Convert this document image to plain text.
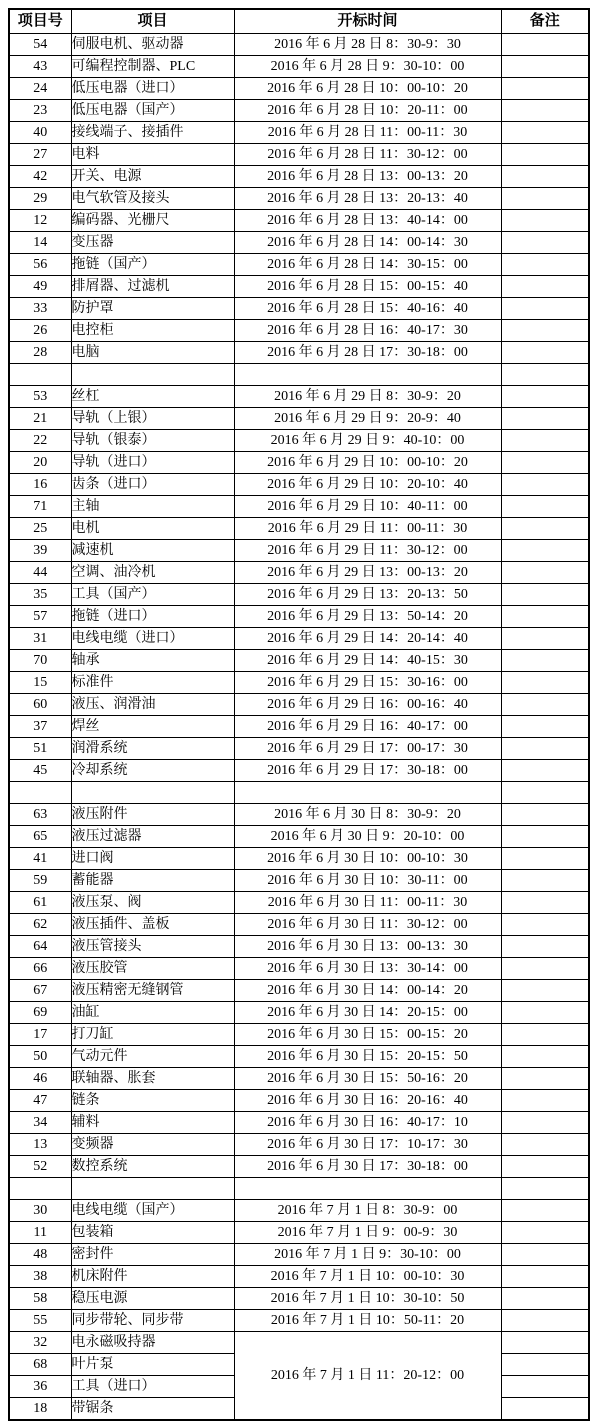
项目号	项目	开标时间	备注
54	伺服电机、驱动器	2016 年 6 月 28 日 8：30-9：30	
43	可编程控制器、PLC	2016 年 6 月 28 日 9：30-10：00	
24	低压电器（进口）	2016 年 6 月 28 日 10：00-10：20	
23	低压电器（国产）	2016 年 6 月 28 日 10：20-11：00	
40	接线端子、接插件	2016 年 6 月 28 日 11：00-11：30	
27	电料	2016 年 6 月 28 日 11：30-12：00	
42	开关、电源	2016 年 6 月 28 日 13：00-13：20	
29	电气软管及接头	2016 年 6 月 28 日 13：20-13：40	
12	编码器、光栅尺	2016 年 6 月 28 日 13：40-14：00	
14	变压器	2016 年 6 月 28 日 14：00-14：30	
56	拖链（国产）	2016 年 6 月 28 日 14：30-15：00	
49	排屑器、过滤机	2016 年 6 月 28 日 15：00-15：40	
33	防护罩	2016 年 6 月 28 日 15：40-16：40	
26	电控柜	2016 年 6 月 28 日 16：40-17：30	
28	电脑	2016 年 6 月 28 日 17：30-18：00	

53	丝杠	2016 年 6 月 29 日 8：30-9：20	
21	导轨（上银）	2016 年 6 月 29 日 9：20-9：40	
22	导轨（银泰）	2016 年 6 月 29 日 9：40-10：00	
20	导轨（进口）	2016 年 6 月 29 日 10：00-10：20	
16	齿条（进口）	2016 年 6 月 29 日 10：20-10：40	
71	主轴	2016 年 6 月 29 日 10：40-11：00	
25	电机	2016 年 6 月 29 日 11：00-11：30	
39	减速机	2016 年 6 月 29 日 11：30-12：00	
44	空调、油冷机	2016 年 6 月 29 日 13：00-13：20	
35	工具（国产）	2016 年 6 月 29 日 13：20-13：50	
57	拖链（进口）	2016 年 6 月 29 日 13：50-14：20	
31	电线电缆（进口）	2016 年 6 月 29 日 14：20-14：40	
70	轴承	2016 年 6 月 29 日 14：40-15：30	
15	标准件	2016 年 6 月 29 日 15：30-16：00	
60	液压、润滑油	2016 年 6 月 29 日 16：00-16：40	
37	焊丝	2016 年 6 月 29 日 16：40-17：00	
51	润滑系统	2016 年 6 月 29 日 17：00-17：30	
45	冷却系统	2016 年 6 月 29 日 17：30-18：00	

63	液压附件	2016 年 6 月 30 日 8：30-9：20	
65	液压过滤器	2016 年 6 月 30 日 9：20-10：00	
41	进口阀	2016 年 6 月 30 日 10：00-10：30	
59	蓄能器	2016 年 6 月 30 日 10：30-11：00	
61	液压泵、阀	2016 年 6 月 30 日 11：00-11：30	
62	液压插件、盖板	2016 年 6 月 30 日 11：30-12：00	
64	液压管接头	2016 年 6 月 30 日 13：00-13：30	
66	液压胶管	2016 年 6 月 30 日 13：30-14：00	
67	液压精密无缝钢管	2016 年 6 月 30 日 14：00-14：20	
69	油缸	2016 年 6 月 30 日 14：20-15：00	
17	打刀缸	2016 年 6 月 30 日 15：00-15：20	
50	气动元件	2016 年 6 月 30 日 15：20-15：50	
46	联轴器、胀套	2016 年 6 月 30 日 15：50-16：20	
47	链条	2016 年 6 月 30 日 16：20-16：40	
34	辅料	2016 年 6 月 30 日 16：40-17：10	
13	变频器	2016 年 6 月 30 日 17：10-17：30	
52	数控系统	2016 年 6 月 30 日 17：30-18：00	

30	电线电缆（国产）	2016 年 7 月 1 日 8：30-9：00	
11	包装箱	2016 年 7 月 1 日 9：00-9：30	
48	密封件	2016 年 7 月 1 日 9：30-10：00	
38	机床附件	2016 年 7 月 1 日 10：00-10：30	
58	稳压电源	2016 年 7 月 1 日 10：30-10：50	
55	同步带轮、同步带	2016 年 7 月 1 日 10：50-11：20	
32	电永磁吸持器	2016 年 7 月 1 日 11：20-12：00	
68	叶片泵		
36	工具（进口）		
18	带锯条		
